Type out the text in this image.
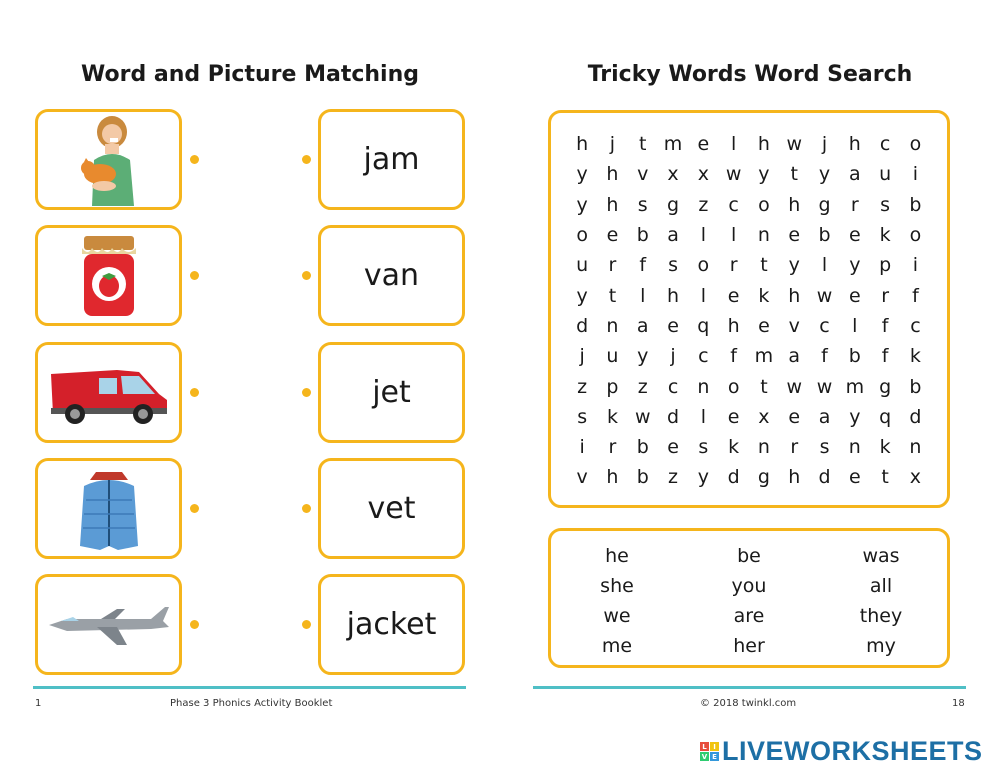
Word and Picture Matching	Tricky Words Word Search
jam
van
jet
vet
jacket
h	j	t m e	l	h w	j	h	c	o
y h v	x	x w y	t	y a u	i
y h	s	g	z	c	o h g	r	s	b
o e b a	l	l	n e b e k o
u	r	f	s	o	r	t	y	l	y p	i
y	t	l	h	l	e k h w e	r	f
d n a e q h e v	c	l	f	c
j	u y	j	c	f m a	f	b	f	k
z	p	z	c	n o	t w w m g b
s	k w d	l	e x e a y q d
i	r	b e	s	k n	r	s	n k n
v h b	z	y d g h d e	t	x
he	be	was
she	you	all
we	are	they
me	her	my
1	Phase 3 Phonics Activity Booklet	© 2018 twinkl.com	18
L I
V E LIVEWORKSHEETS
